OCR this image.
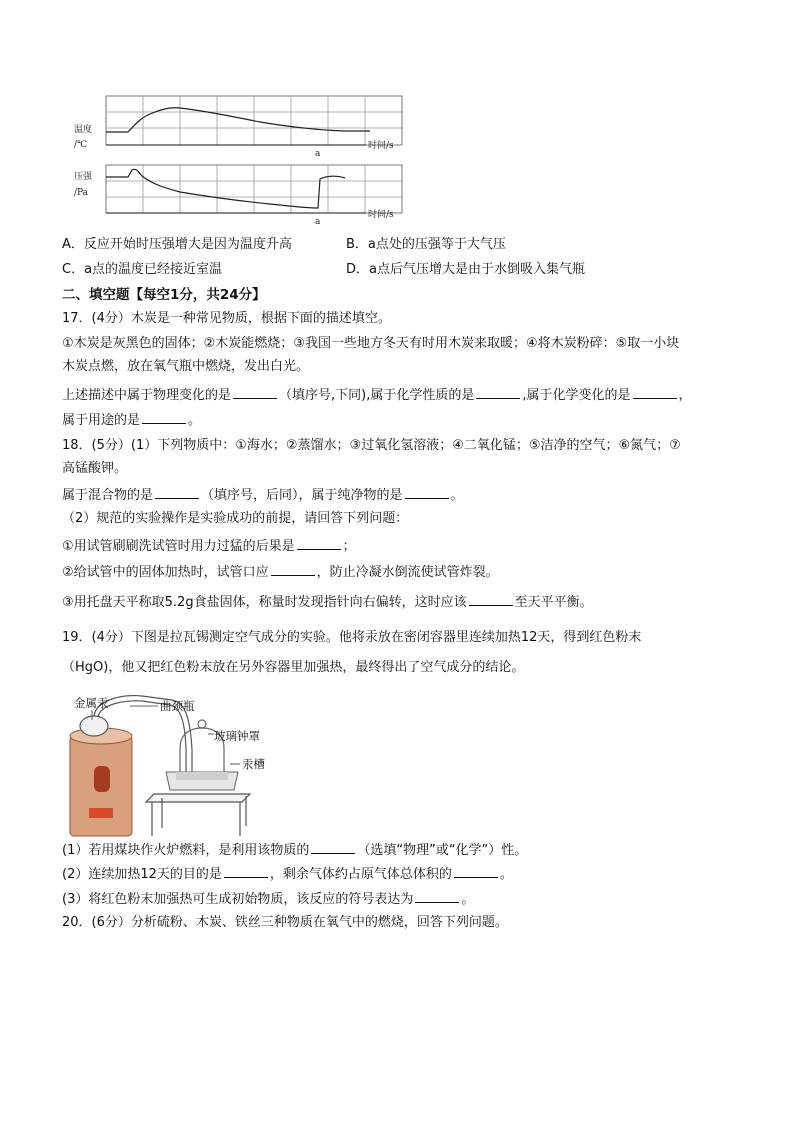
温度
/℃	时间/s
a
压强
/Pa
时间/s
a
A．反应开始时压强增大是因为温度升高	B．a点处的压强等于大气压
C．a点的温度已经接近室温	D．a点后气压增大是由于水倒吸入集气瓶
二、填空题【每空1分，共24分】
17．(4分）木炭是一种常见物质，根据下面的描述填空。
①木炭是灰黑色的固体；②木炭能燃烧；③我国一些地方冬天有时用木炭来取暖；④将木炭粉碎：⑤取一小块
木炭点燃，放在氧气瓶中燃烧，发出白光。
上述描述中属于物理变化的是	（填序号,下同),属于化学性质的是	,属于化学变化的是	，
属于用途的是	。
18．(5分）(1）下列物质中：①海水；②蒸馏水；③过氧化氢溶液；④二氧化锰；⑤洁净的空气；⑥氮气；⑦
高锰酸钾。
属于混合物的是	（填序号，后同），属于纯净物的是	。
（2）规范的实验操作是实验成功的前提，请回答下列问题：
①用试管刷刷洗试管时用力过猛的后果是	；
②给试管中的固体加热时，试管口应	，防止冷凝水倒流使试管炸裂。
③用托盘天平称取5.2g食盐固体，称量时发现指针向右偏转，这时应该	至天平平衡。
19．(4分）下图是拉瓦锡测定空气成分的实验。他将汞放在密闭容器里连续加热12天，得到红色粉末
（HgO)，他又把红色粉末放在另外容器里加强热，最终得出了空气成分的结论。
金属汞	曲颈瓶
玻璃钟罩
汞槽
(1）若用煤块作火炉燃料，是利用该物质的	（选填“物理”或“化学”）性。
(2）连续加热12天的目的是	，剩余气体约占原气体总体积的	。
(3）将红色粉末加强热可生成初始物质，该反应的符号表达为	。
20．(6分）分析硫粉、木炭、铁丝三种物质在氧气中的燃烧，回答下列问题。
